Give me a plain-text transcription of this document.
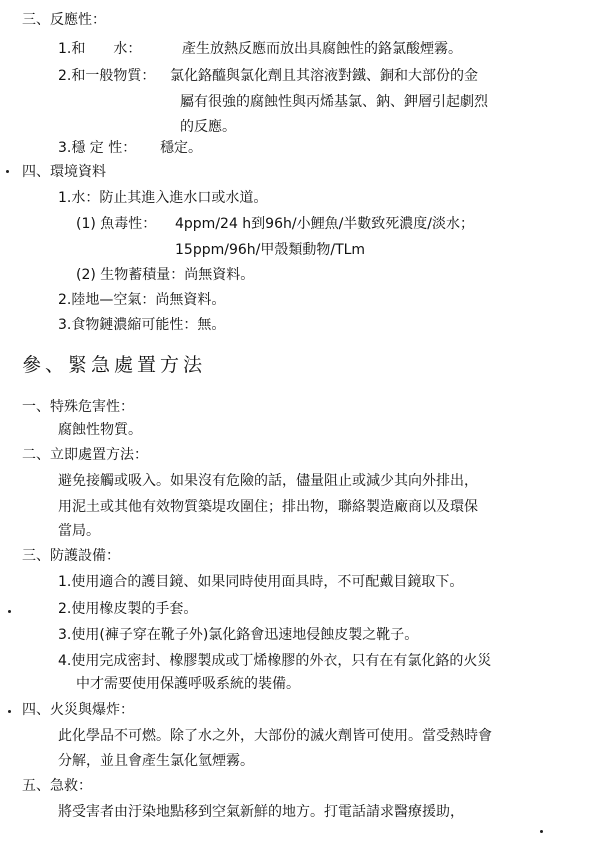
三、反應性：
1.和　　水：	產生放熱反應而放出具腐蝕性的鉻氯酸煙霧。
2.和一般物質： 氯化鉻醯與氯化劑且其溶液對鐵、銅和大部份的金
屬有很強的腐蝕性與丙烯基氯、鈉、鉀層引起劇烈
的反應。
3.穩 定 性： 穩定。
四、環境資料
1.水：防止其進入進水口或水道。
(1) 魚毒性： 4ppm/24 h到96h/小鯉魚/半數致死濃度/淡水；
15ppm/96h/甲殼類動物/TLm
(2) 生物蓄積量：尚無資料。
2.陸地—空氣：尚無資料。
3.食物鏈濃縮可能性：無。
參、緊急處置方法
一、特殊危害性：
腐蝕性物質。
二、立即處置方法：
避免接觸或吸入。如果沒有危險的話，儘量阻止或減少其向外排出，
用泥土或其他有效物質築堤攻圍住；排出物，聯絡製造廠商以及環保
當局。
三、防護設備：
1.使用適合的護目鏡、如果同時使用面具時，不可配戴目鏡取下。
2.使用橡皮製的手套。
3.使用(褲子穿在靴子外)氯化鉻會迅速地侵蝕皮製之靴子。
4.使用完成密封、橡膠製成或丁烯橡膠的外衣，只有在有氯化鉻的火災
中才需要使用保護呼吸系統的裝備。
四、火災與爆炸：
此化學品不可燃。除了水之外，大部份的滅火劑皆可使用。當受熱時會
分解，並且會產生氯化氫煙霧。
五、急救：
將受害者由汙染地點移到空氣新鮮的地方。打電話請求醫療援助，
